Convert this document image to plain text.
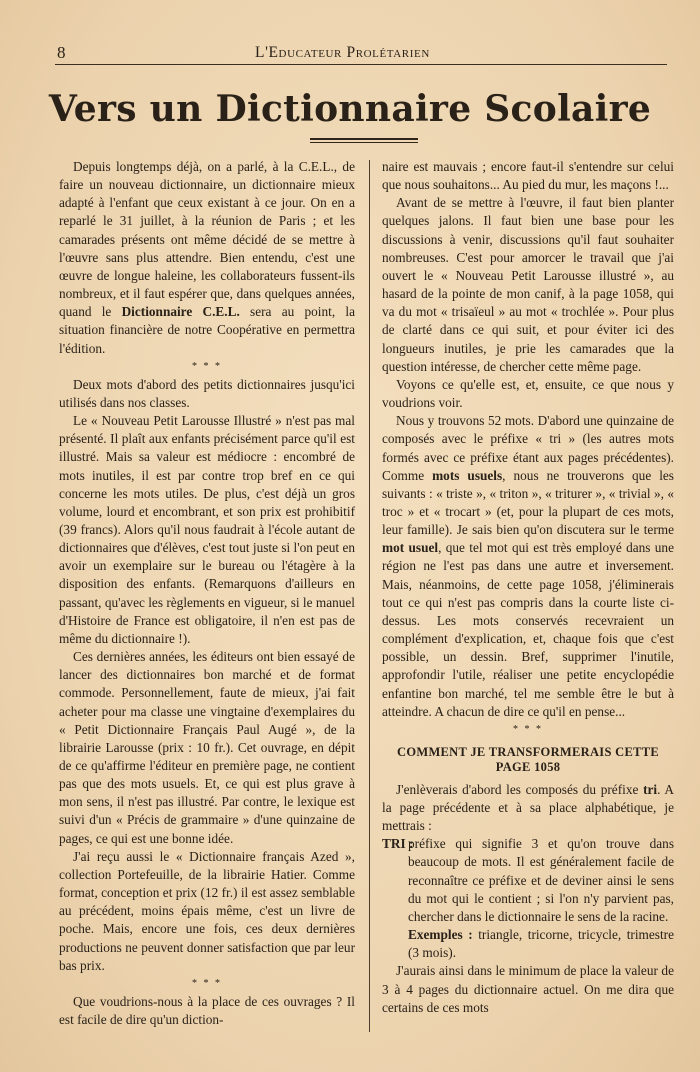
8	L'Educateur Prolétarien
Vers un Dictionnaire Scolaire

Depuis longtemps déjà, on a parlé, à la C.E.L., de faire un nouveau dictionnaire, un dictionnaire mieux adapté à l'enfant que ceux existant à ce jour. On en a reparlé le 31 juillet, à la réunion de Paris ; et les camarades présents ont même décidé de se mettre à l'œuvre sans plus attendre. Bien entendu, c'est une œuvre de longue haleine, les collaborateurs fussent-ils nombreux, et il faut espérer que, dans quelques années, quand le Dictionnaire C.E.L. sera au point, la situation financière de notre Coopérative en permettra l'édition.

* * *

Deux mots d'abord des petits dictionnaires jusqu'ici utilisés dans nos classes.

Le « Nouveau Petit Larousse Illustré » n'est pas mal présenté. Il plaît aux enfants précisément parce qu'il est illustré. Mais sa valeur est médiocre : encombré de mots inutiles, il est par contre trop bref en ce qui concerne les mots utiles. De plus, c'est déjà un gros volume, lourd et encombrant, et son prix est prohibitif (39 francs). Alors qu'il nous faudrait à l'école autant de dictionnaires que d'élèves, c'est tout juste si l'on peut en avoir un exemplaire sur le bureau ou l'étagère à la disposition des enfants. (Remarquons d'ailleurs en passant, qu'avec les règlements en vigueur, si le manuel d'Histoire de France est obligatoire, il n'en est pas de même du dictionnaire !).

Ces dernières années, les éditeurs ont bien essayé de lancer des dictionnaires bon marché et de format commode. Personnellement, faute de mieux, j'ai fait acheter pour ma classe une vingtaine d'exemplaires du « Petit Dictionnaire Français Paul Augé », de la librairie Larousse (prix : 10 fr.). Cet ouvrage, en dépit de ce qu'affirme l'éditeur en première page, ne contient pas que des mots usuels. Et, ce qui est plus grave à mon sens, il n'est pas illustré. Par contre, le lexique est suivi d'un « Précis de grammaire » d'une quinzaine de pages, ce qui est une bonne idée.

J'ai reçu aussi le « Dictionnaire français Azed », collection Portefeuille, de la librairie Hatier. Comme format, conception et prix (12 fr.) il est assez semblable au précédent, moins épais même, c'est un livre de poche. Mais, encore une fois, ces deux dernières productions ne peuvent donner satisfaction que par leur bas prix.

* * *

Que voudrions-nous à la place de ces ouvrages ? Il est facile de dire qu'un diction-

naire est mauvais ; encore faut-il s'entendre sur celui que nous souhaitons... Au pied du mur, les maçons !...

Avant de se mettre à l'œuvre, il faut bien planter quelques jalons. Il faut bien une base pour les discussions à venir, discussions qu'il faut souhaiter nombreuses. C'est pour amorcer le travail que j'ai ouvert le « Nouveau Petit Larousse illustré », au hasard de la pointe de mon canif, à la page 1058, qui va du mot « trisaïeul » au mot « trochlée ». Pour plus de clarté dans ce qui suit, et pour éviter ici des longueurs inutiles, je prie les camarades que la question intéresse, de chercher cette même page.

Voyons ce qu'elle est, et, ensuite, ce que nous y voudrions voir.

Nous y trouvons 52 mots. D'abord une quinzaine de composés avec le préfixe « tri » (les autres mots formés avec ce préfixe étant aux pages précédentes). Comme mots usuels, nous ne trouverons que les suivants : « triste », « triton », « triturer », « trivial », « troc » et « trocart » (et, pour la plupart de ces mots, leur famille). Je sais bien qu'on discutera sur le terme mot usuel, que tel mot qui est très employé dans une région ne l'est pas dans une autre et inversement. Mais, néanmoins, de cette page 1058, j'éliminerais tout ce qui n'est pas compris dans la courte liste ci-dessus. Les mots conservés recevraient un complément d'explication, et, chaque fois que c'est possible, un dessin. Bref, supprimer l'inutile, approfondir l'utile, réaliser une petite encyclopédie enfantine bon marché, tel me semble être le but à atteindre. A chacun de dire ce qu'il en pense...

* * *

COMMENT JE TRANSFORMERAIS CETTE PAGE 1058

J'enlèverais d'abord les composés du préfixe tri. A la page précédente et à sa place alphabétique, je mettrais :

TRI :
préfixe qui signifie 3 et qu'on trouve dans beaucoup de mots. Il est généralement facile de reconnaître ce préfixe et de deviner ainsi le sens du mot qui le contient ; si l'on n'y parvient pas, chercher dans le dictionnaire le sens de la racine.

Exemples : triangle, tricorne, tricycle, trimestre (3 mois).

J'aurais ainsi dans le minimum de place la valeur de 3 à 4 pages du dictionnaire actuel. On me dira que certains de ces mots
